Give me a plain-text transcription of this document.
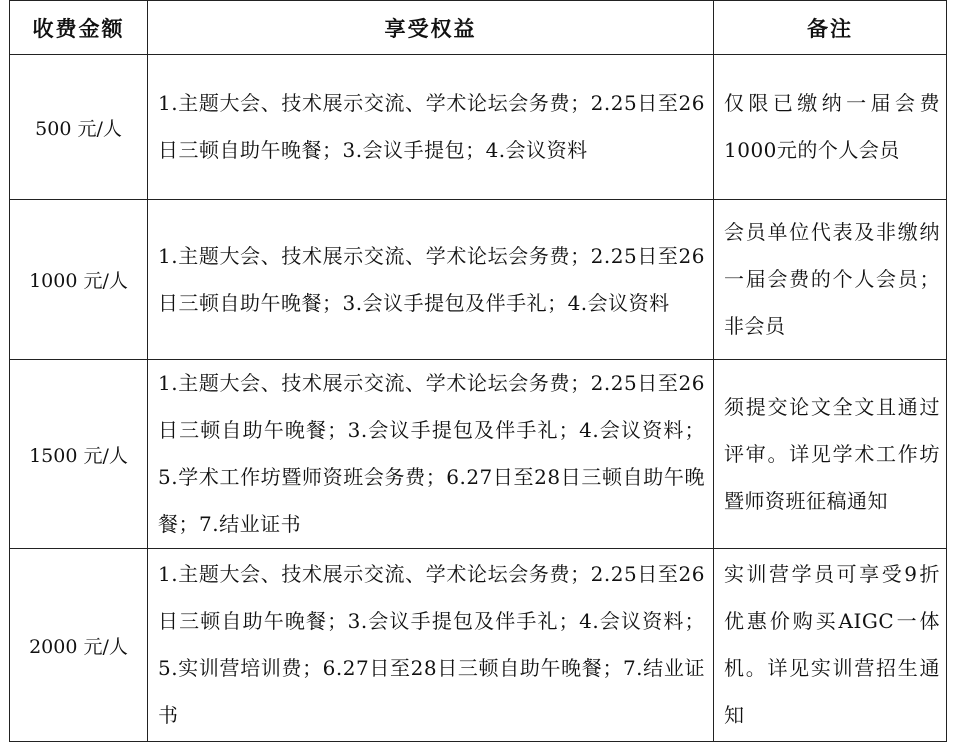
收费金额	享受权益	备注
500 元/人	1.主题大会、技术展示交流、学术论坛会务费；2.25日至26日三顿自助午晚餐；3.会议手提包；4.会议资料	仅限已缴纳一届会费1000元的个人会员
1000 元/人	1.主题大会、技术展示交流、学术论坛会务费；2.25日至26日三顿自助午晚餐；3.会议手提包及伴手礼；4.会议资料	会员单位代表及非缴纳一届会费的个人会员；非会员
1500 元/人	1.主题大会、技术展示交流、学术论坛会务费；2.25日至26日三顿自助午晚餐；3.会议手提包及伴手礼；4.会议资料；5.学术工作坊暨师资班会务费；6.27日至28日三顿自助午晚餐；7.结业证书	须提交论文全文且通过评审。详见学术工作坊暨师资班征稿通知
2000 元/人	1.主题大会、技术展示交流、学术论坛会务费；2.25日至26日三顿自助午晚餐；3.会议手提包及伴手礼；4.会议资料；5.实训营培训费；6.27日至28日三顿自助午晚餐；7.结业证书	实训营学员可享受9折优惠价购买AIGC一体机。详见实训营招生通知
